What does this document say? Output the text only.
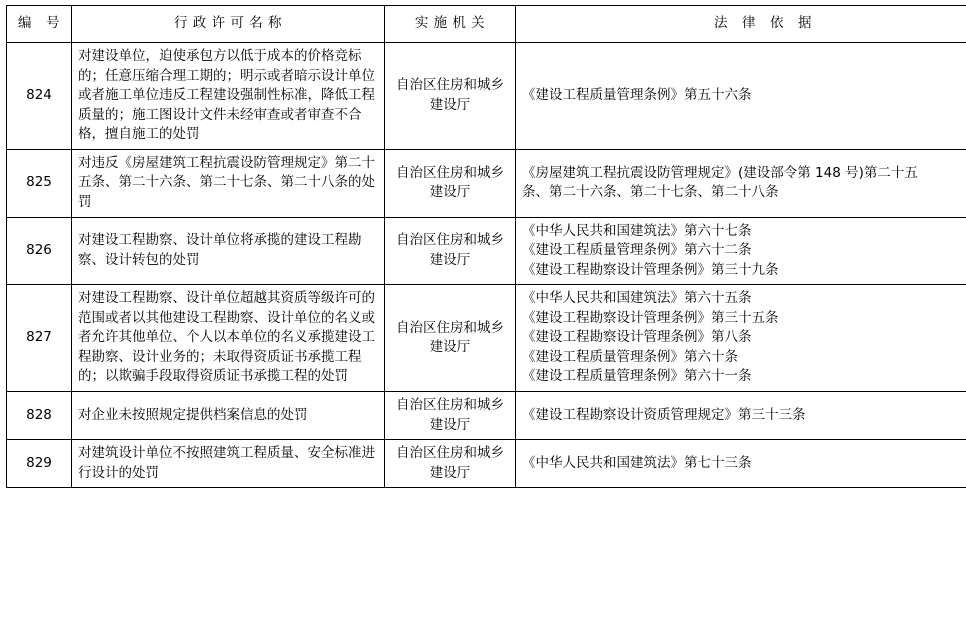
编　号	行 政 许 可 名 称	实 施 机 关	法　律　依　据
824	对建设单位，迫使承包方以低于成本的价格竞标的；任意压缩合理工期的；明示或者暗示设计单位或者施工单位违反工程建设强制性标准，降低工程质量的；施工图设计文件未经审查或者审查不合格，擅自施工的处罚	自治区住房和城乡建设厅	《建设工程质量管理条例》第五十六条

825	对违反《房屋建筑工程抗震设防管理规定》第二十五条、第二十六条、第二十七条、第二十八条的处罚	自治区住房和城乡建设厅	《房屋建筑工程抗震设防管理规定》(建设部令第 148 号)第二十五
条、第二十六条、第二十七条、第二十八条

826	对建设工程勘察、设计单位将承揽的建设工程勘察、设计转包的处罚	自治区住房和城乡建设厅	《中华人民共和国建筑法》第六十七条
《建设工程质量管理条例》第六十二条
《建设工程勘察设计管理条例》第三十九条

827	对建设工程勘察、设计单位超越其资质等级许可的范围或者以其他建设工程勘察、设计单位的名义或者允许其他单位、个人以本单位的名义承揽建设工程勘察、设计业务的；未取得资质证书承揽工程的；以欺骗手段取得资质证书承揽工程的处罚	自治区住房和城乡建设厅	《中华人民共和国建筑法》第六十五条
《建设工程勘察设计管理条例》第三十五条
《建设工程勘察设计管理条例》第八条
《建设工程质量管理条例》第六十条
《建设工程质量管理条例》第六十一条

828	对企业未按照规定提供档案信息的处罚	自治区住房和城乡建设厅	《建设工程勘察设计资质管理规定》第三十三条

829	对建筑设计单位不按照建筑工程质量、安全标准进行设计的处罚	自治区住房和城乡建设厅	《中华人民共和国建筑法》第七十三条
